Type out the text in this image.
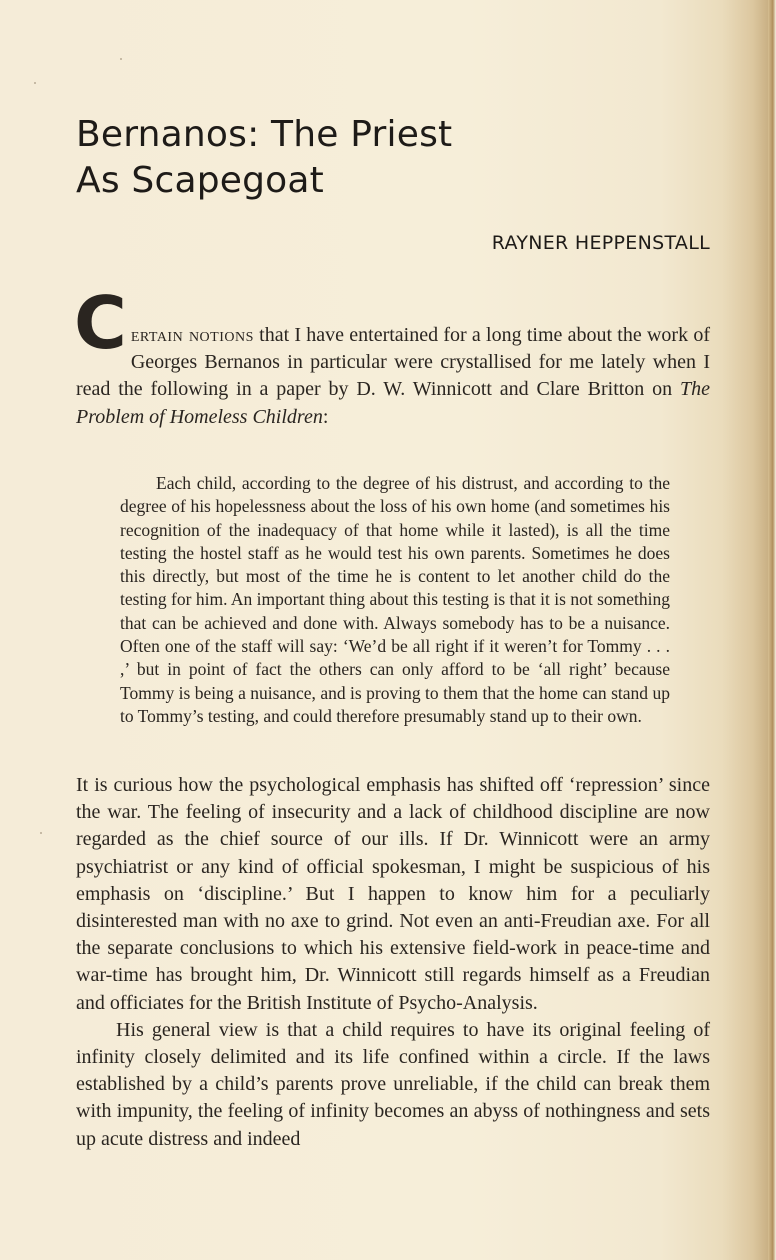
Bernanos: The Priest
As Scapegoat
RAYNER HEPPENSTALL

Certain notions that I have entertained for a long time about the work of Georges Bernanos in particular were crystallised for me lately when I read the following in a paper by D. W. Winnicott and Clare Britton on The Problem of Homeless Children:

Each child, according to the degree of his distrust, and according to the degree of his hopelessness about the loss of his own home (and sometimes his recognition of the inadequacy of that home while it lasted), is all the time testing the hostel staff as he would test his own parents. Sometimes he does this directly, but most of the time he is content to let another child do the testing for him. An important thing about this testing is that it is not something that can be achieved and done with. Always somebody has to be a nuisance. Often one of the staff will say: ‘We’d be all right if it weren’t for Tommy . . . ,’ but in point of fact the others can only afford to be ‘all right’ because Tommy is being a nuisance, and is proving to them that the home can stand up to Tommy’s testing, and could therefore presumably stand up to their own.

It is curious how the psychological emphasis has shifted off ‘repression’ since the war. The feeling of insecurity and a lack of childhood discipline are now regarded as the chief source of our ills. If Dr. Winnicott were an army psychiatrist or any kind of official spokesman, I might be suspicious of his emphasis on ‘discipline.’ But I happen to know him for a peculiarly disinterested man with no axe to grind. Not even an anti-Freudian axe. For all the separate conclusions to which his extensive field-work in peace-time and war-time has brought him, Dr. Winnicott still regards himself as a Freudian and officiates for the British Institute of Psycho-Analysis.

His general view is that a child requires to have its original feeling of infinity closely delimited and its life confined within a circle. If the laws established by a child’s parents prove unreliable, if the child can break them with impunity, the feeling of infinity becomes an abyss of nothingness and sets up acute distress and indeed
